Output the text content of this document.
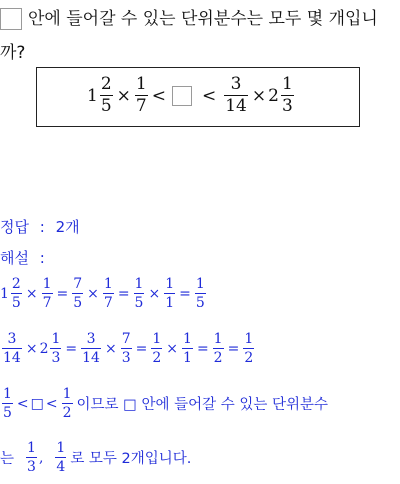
안에 들어갈 수 있는 단위분수는 모두 몇 개입니
까?
$1 \frac{2}{5} \times \frac{1}{7}$ < < $\frac{3}{14} \times 2 \frac{1}{3}$
정답 : 2개
해설 :
$1 \frac{2}{5} \times \frac{1}{7} = \frac{7}{5} \times \frac{1}{7} = \frac{1}{5} \times \frac{1}{1} = \frac{1}{5}$
$\frac{3}{14} \times 2 \frac{1}{3} = \frac{3}{14} \times \frac{7}{3} = \frac{1}{2} \times \frac{1}{1} = \frac{1}{2} = \frac{1}{2}$
$\frac{1}{5}$ < □ < $\frac{1}{2}$ 이므로 □ 안에 들어갈 수 있는 단위분수
는 $\frac{1}{3}$ , $\frac{1}{4}$ 로 모두 2개입니다.
